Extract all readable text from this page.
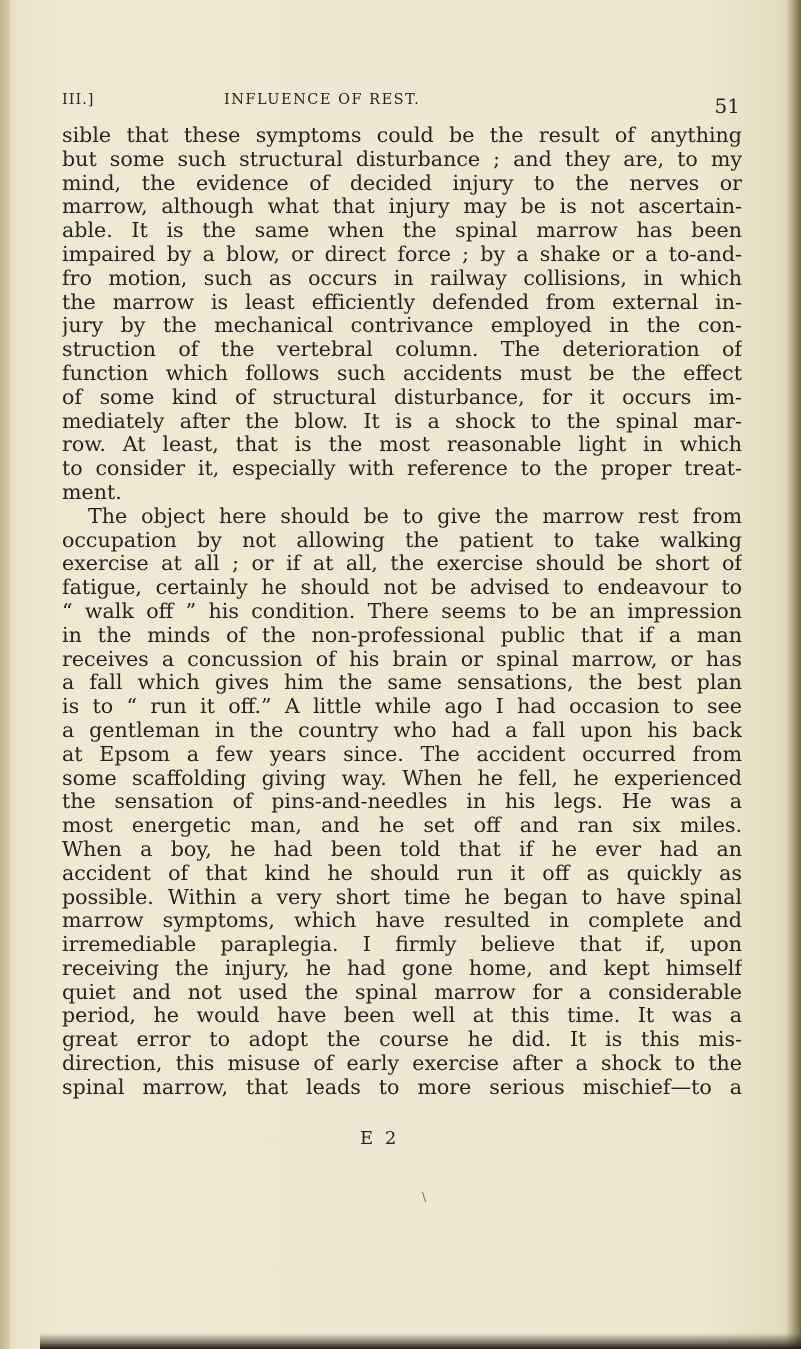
III.]	INFLUENCE OF REST.	51
sible that these symptoms could be the result of anything
but some such structural disturbance ; and they are, to my
mind, the evidence of decided injury to the nerves or
marrow, although what that injury may be is not ascertain-
able. It is the same when the spinal marrow has been
impaired by a blow, or direct force ; by a shake or a to-and-
fro motion, such as occurs in railway collisions, in which
the marrow is least efficiently defended from external in-
jury by the mechanical contrivance employed in the con-
struction of the vertebral column. The deterioration of
function which follows such accidents must be the effect
of some kind of structural disturbance, for it occurs im-
mediately after the blow. It is a shock to the spinal mar-
row. At least, that is the most reasonable light in which
to consider it, especially with reference to the proper treat-
ment.
The object here should be to give the marrow rest from
occupation by not allowing the patient to take walking
exercise at all ; or if at all, the exercise should be short of
fatigue, certainly he should not be advised to endeavour to
“ walk off ” his condition. There seems to be an impression
in the minds of the non-professional public that if a man
receives a concussion of his brain or spinal marrow, or has
a fall which gives him the same sensations, the best plan
is to “ run it off.” A little while ago I had occasion to see
a gentleman in the country who had a fall upon his back
at Epsom a few years since. The accident occurred from
some scaffolding giving way. When he fell, he experienced
the sensation of pins-and-needles in his legs. He was a
most energetic man, and he set off and ran six miles.
When a boy, he had been told that if he ever had an
accident of that kind he should run it off as quickly as
possible. Within a very short time he began to have spinal
marrow symptoms, which have resulted in complete and
irremediable paraplegia. I firmly believe that if, upon
receiving the injury, he had gone home, and kept himself
quiet and not used the spinal marrow for a considerable
period, he would have been well at this time. It was a
great error to adopt the course he did. It is this mis-
direction, this misuse of early exercise after a shock to the
spinal marrow, that leads to more serious mischief—to a
E 2
\
